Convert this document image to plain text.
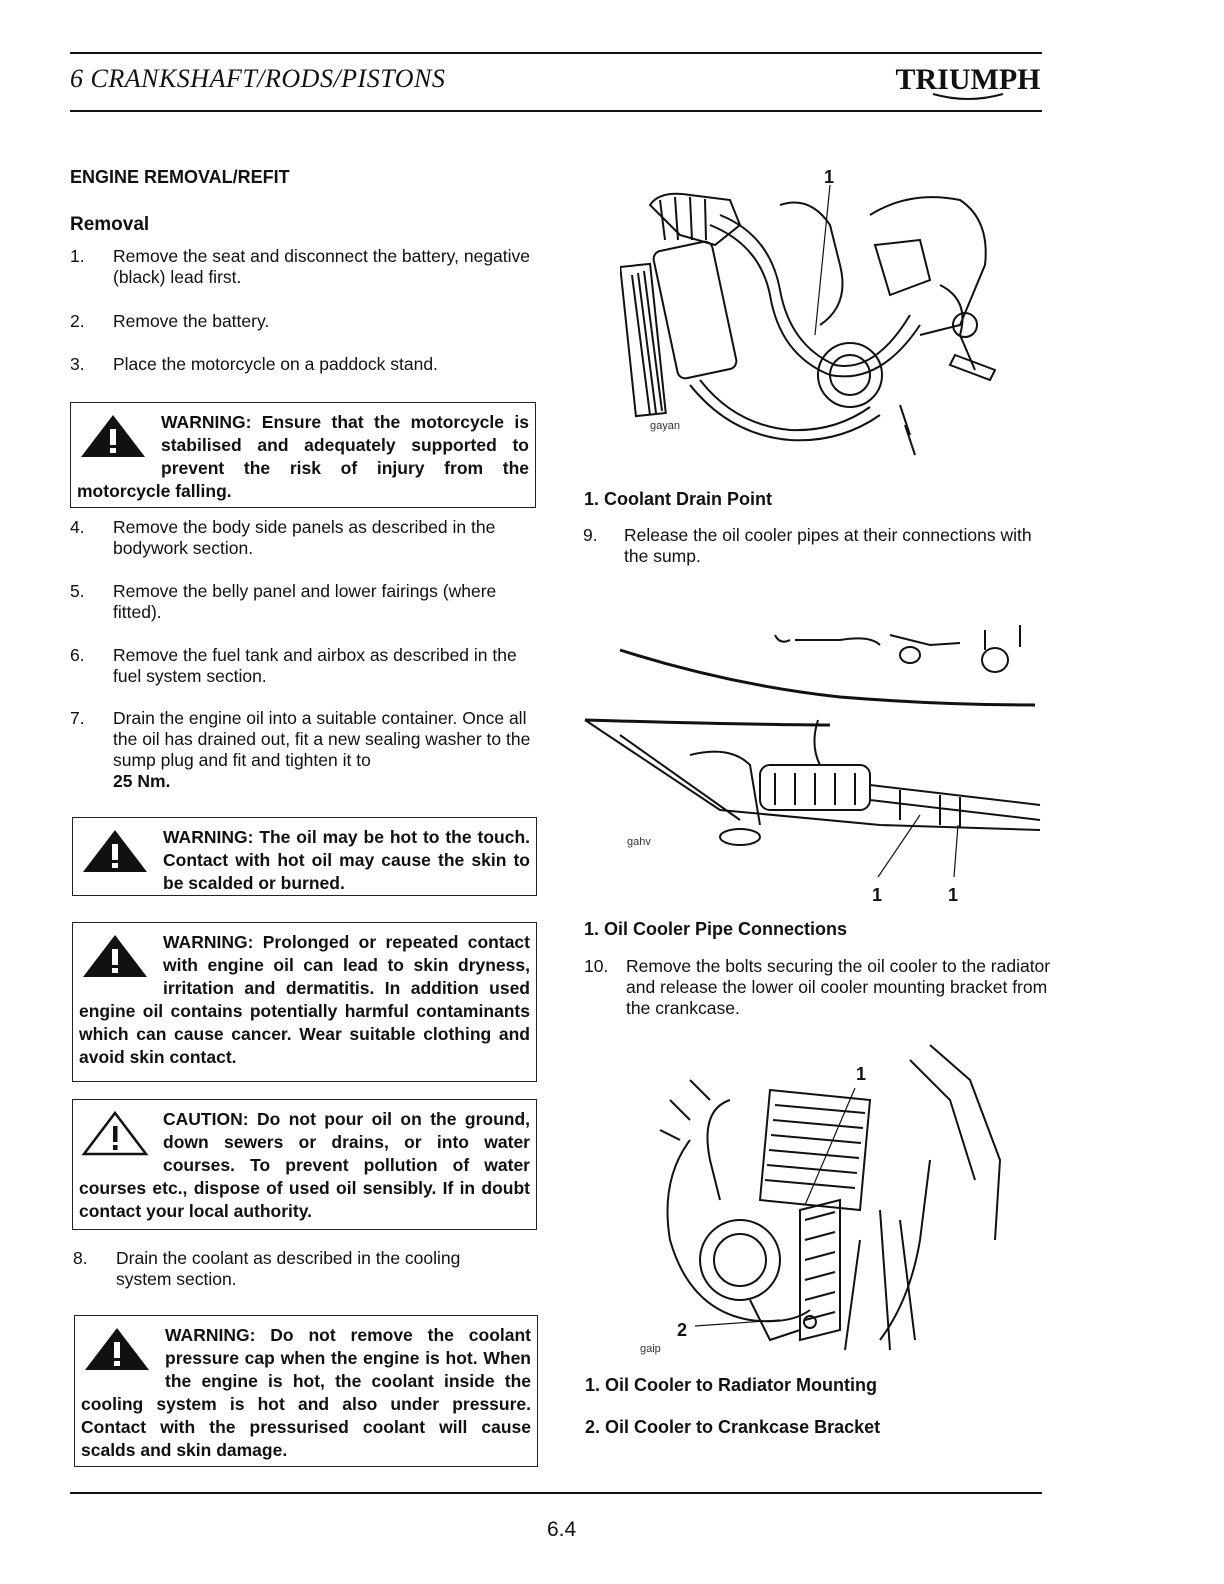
6 CRANKSHAFT/RODS/PISTONS	TRIUMPH
ENGINE REMOVAL/REFIT
Removal
1. Remove the seat and disconnect the battery, negative (black) lead first.
2. Remove the battery.
3. Place the motorcycle on a paddock stand.
WARNING: Ensure that the motorcycle is stabilised and adequately supported to prevent the risk of injury from the motorcycle falling.
4. Remove the body side panels as described in the bodywork section.
5. Remove the belly panel and lower fairings (where fitted).
6. Remove the fuel tank and airbox as described in the fuel system section.
7. Drain the engine oil into a suitable container. Once all the oil has drained out, fit a new sealing washer to the sump plug and fit and tighten it to
25 Nm.
WARNING: The oil may be hot to the touch. Contact with hot oil may cause the skin to be scalded or burned.
WARNING: Prolonged or repeated contact with engine oil can lead to skin dryness, irritation and dermatitis. In addition used engine oil contains potentially harmful contaminants which can cause cancer. Wear suitable clothing and avoid skin contact.
CAUTION: Do not pour oil on the ground, down sewers or drains, or into water courses. To prevent pollution of water courses etc., dispose of used oil sensibly. If in doubt contact your local authority.
8. Drain the coolant as described in the cooling system section.
WARNING: Do not remove the coolant pressure cap when the engine is hot. When the engine is hot, the coolant inside the cooling system is hot and also under pressure. Contact with the pressurised coolant will cause scalds and skin damage.
1
gayan
1. Coolant Drain Point
9. Release the oil cooler pipes at their connections with the sump.
gahv
1	1
1. Oil Cooler Pipe Connections
10. Remove the bolts securing the oil cooler to the radiator and release the lower oil cooler mounting bracket from the crankcase.
1
2
gaip
1. Oil Cooler to Radiator Mounting
2. Oil Cooler to Crankcase Bracket
6.4
